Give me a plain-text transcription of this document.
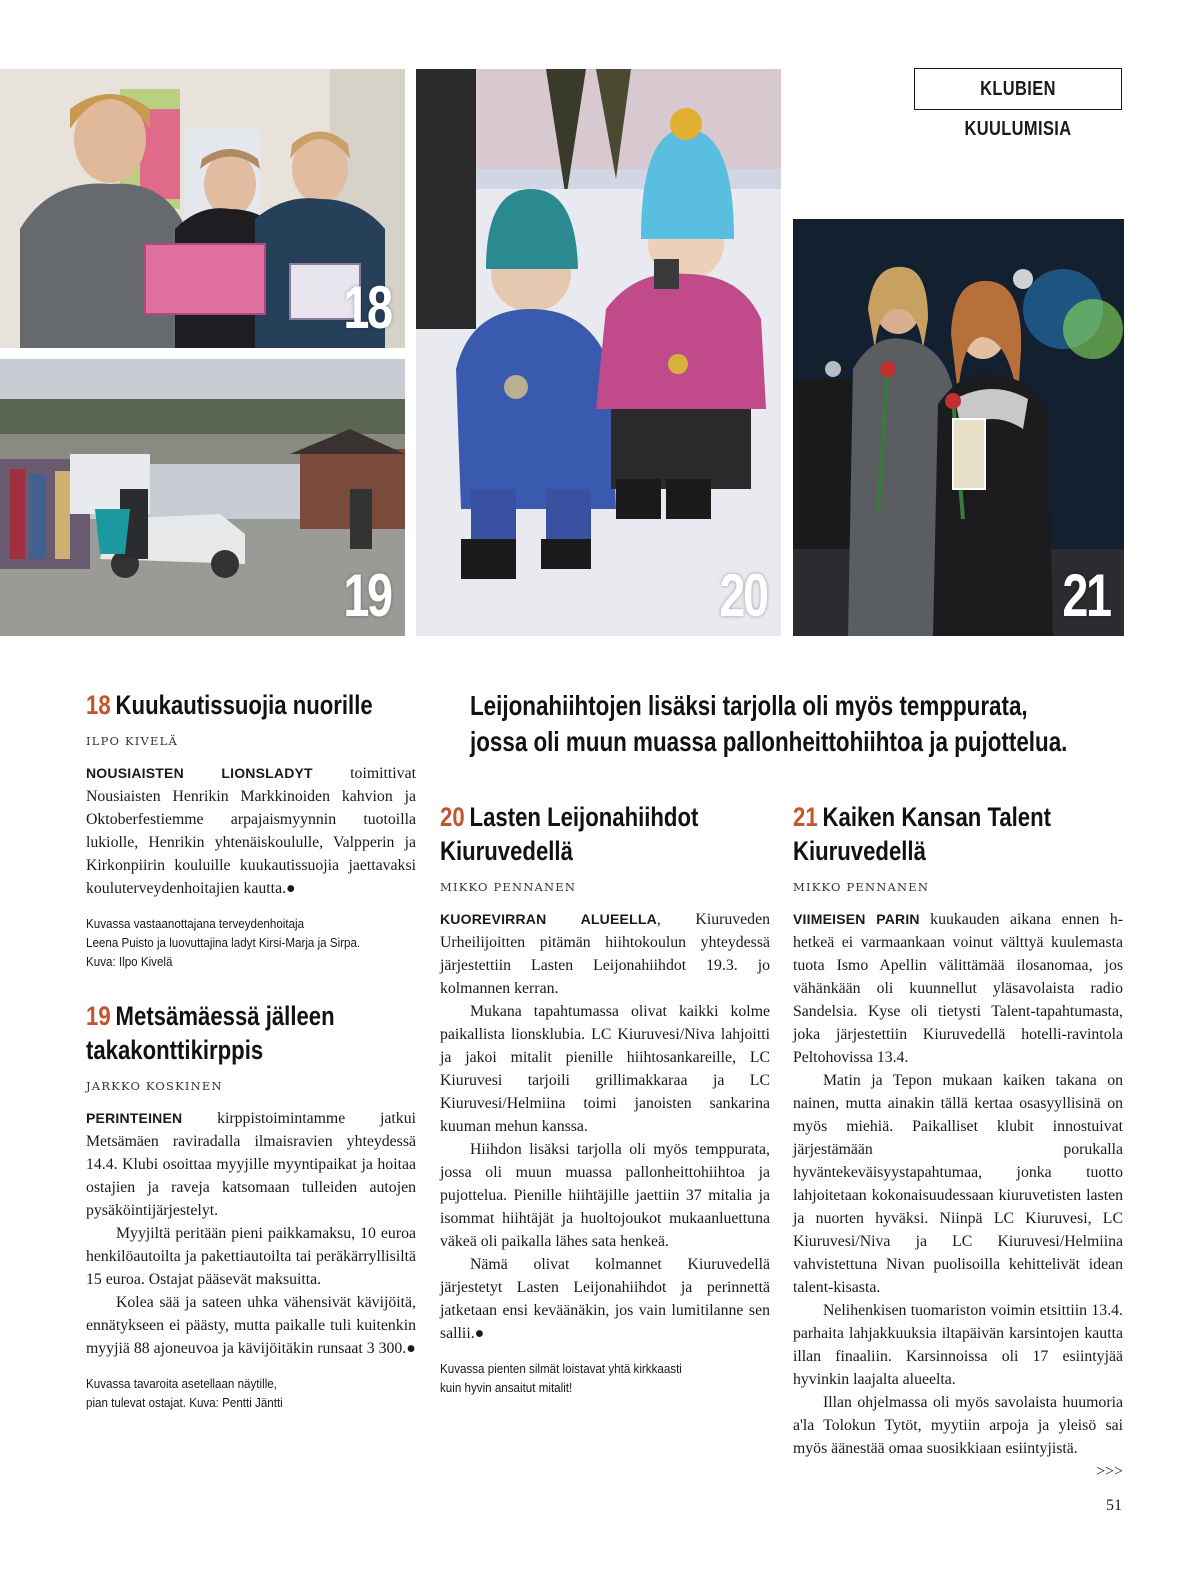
18
19	20	21
KLUBIEN KUULUMISIA
Leijonahiihtojen lisäksi tarjolla oli myös temppurata,
jossa oli muun muassa pallonheittohiihtoa ja pujottelua.
18 Kuukautissuojia nuorille
ILPO KIVELÄ

NOUSIAISTEN LIONSLADYT toimittivat Nousiaisten Henrikin Markkinoiden kahvion ja Oktoberfestiemme arpajaismyynnin tuotoilla lukiolle, Henrikin yhtenäiskoululle, Valpperin ja Kirkonpiirin kouluille kuukautissuojia jaettavaksi kouluterveydenhoitajien kautta.●

Kuvassa vastaanottajana terveydenhoitaja
Leena Puisto ja luovuttajina ladyt Kirsi-Marja ja Sirpa.
Kuva: Ilpo Kivelä
19 Metsämäessä jälleen
takakonttikirppis
JARKKO KOSKINEN

PERINTEINEN kirppistoimintamme jatkui Metsämäen raviradalla ilmaisravien yhteydessä 14.4. Klubi osoittaa myyjille myyntipaikat ja hoitaa ostajien ja raveja katsomaan tulleiden autojen pysäköintijärjestelyt.

Myyjiltä peritään pieni paikkamaksu, 10 euroa henkilöautoilta ja pakettiautoilta tai peräkärryllisiltä 15 euroa. Ostajat pääsevät maksuitta.

Kolea sää ja sateen uhka vähensivät kävijöitä, ennätykseen ei päästy, mutta paikalle tuli kuitenkin myyjiä 88 ajoneuvoa ja kävijöitäkin runsaat 3 300.●

Kuvassa tavaroita asetellaan näytille,
pian tulevat ostajat. Kuva: Pentti Jäntti
20 Lasten Leijonahiihdot
Kiuruvedellä
MIKKO PENNANEN

KUOREVIRRAN ALUEELLA, Kiuruveden Urheilijoitten pitämän hiihtokoulun yhteydessä järjestettiin Lasten Leijonahiihdot 19.3. jo kolmannen kerran.

Mukana tapahtumassa olivat kaikki kolme paikallista lionsklubia. LC Kiuruvesi/Niva lahjoitti ja jakoi mitalit pienille hiihtosankareille, LC Kiuruvesi tarjoili grillimakkaraa ja LC Kiuruvesi/Helmiina toimi janoisten sankarina kuuman mehun kanssa.

Hiihdon lisäksi tarjolla oli myös temppurata, jossa oli muun muassa pallonheittohiihtoa ja pujottelua. Pienille hiihtäjille jaettiin 37 mitalia ja isommat hiihtäjät ja huoltojoukot mukaanluettuna väkeä oli paikalla lähes sata henkeä.

Nämä olivat kolmannet Kiuruvedellä järjestetyt Lasten Leijonahiihdot ja perinnettä jatketaan ensi keväänäkin, jos vain lumitilanne sen sallii.●

Kuvassa pienten silmät loistavat yhtä kirkkaasti
kuin hyvin ansaitut mitalit!
21 Kaiken Kansan Talent
Kiuruvedellä
MIKKO PENNANEN

VIIMEISEN PARIN kuukauden aikana ennen h-hetkeä ei varmaankaan voinut välttyä kuulemasta tuota Ismo Apellin välittämää ilosanomaa, jos vähänkään oli kuunnellut yläsavolaista radio Sandelsia. Kyse oli tietysti Talent-tapahtumasta, joka järjestettiin Kiuruvedellä hotelli-ravintola Peltohovissa 13.4.

Matin ja Tepon mukaan kaiken takana on nainen, mutta ainakin tällä kertaa osasyyllisinä on myös miehiä. Paikalliset klubit innostuivat järjestämään porukalla hyväntekeväisyystapahtumaa, jonka tuotto lahjoitetaan kokonaisuudessaan kiuruvetisten lasten ja nuorten hyväksi. Niinpä LC Kiuruvesi, LC Kiuruvesi/Niva ja LC Kiuruvesi/Helmiina vahvistettuna Nivan puolisoilla kehittelivät idean talent-kisasta.

Nelihenkisen tuomariston voimin etsittiin 13.4. parhaita lahjakkuuksia iltapäivän karsintojen kautta illan finaaliin. Karsinnoissa oli 17 esiintyjää hyvinkin laajalta alueelta.

Illan ohjelmassa oli myös savolaista huumoria a'la Tolokun Tytöt, myytiin arpoja ja yleisö sai myös äänestää omaa suosikkiaan esiintyjistä.
>>>

51
